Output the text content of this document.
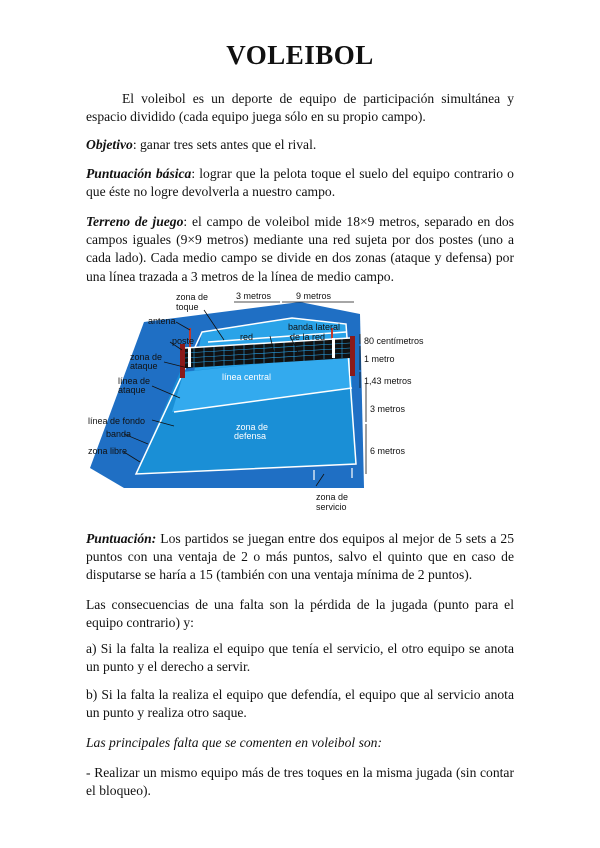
VOLEIBOL
El voleibol es un deporte de equipo de participación simultánea y espacio dividido (cada equipo juega sólo en su propio campo).
Objetivo: ganar tres sets antes que el rival.
Puntuación básica: lograr que la pelota toque el suelo del equipo contrario o que éste no logre devolverla a nuestro campo.
Terreno de juego: el campo de voleibol mide 18×9 metros, separado en dos campos iguales (9×9 metros) mediante una red sujeta por dos postes (uno a cada lado). Cada medio campo se divide en dos zonas (ataque y defensa) por una línea trazada a 3 metros de la línea de medio campo.
zona de
toque
antena
poste
zona de
ataque
línea de
ataque
línea de fondo
banda
zona libre
3 metros	9 metros
red
banda lateral
de la red
línea central
zona de
defensa
80 centímetros
1 metro
1,43 metros
3 metros
6 metros
zona de
servicio
Puntuación: Los partidos se juegan entre dos equipos al mejor de 5 sets a 25 puntos con una ventaja de 2 o más puntos, salvo el quinto que en caso de disputarse se haría a 15 (también con una ventaja mínima de 2 puntos).
Las consecuencias de una falta son la pérdida de la jugada (punto para el equipo contrario) y:
a) Si la falta la realiza el equipo que tenía el servicio, el otro equipo se anota un punto y el derecho a servir.
b) Si la falta la realiza el equipo que defendía, el equipo que al servicio anota un punto y realiza otro saque.
Las principales falta que se comenten en voleibol son:
- Realizar un mismo equipo más de tres toques en la misma jugada (sin contar el bloqueo).
